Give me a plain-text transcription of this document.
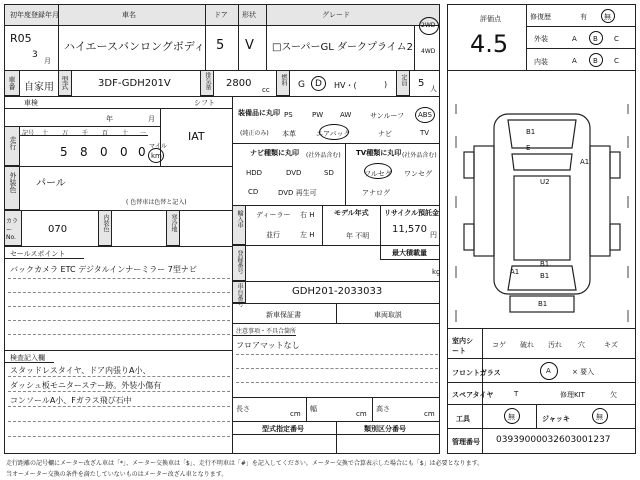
初年度登録年月	車名	ドア 形状	グレード
R05
3
月
ハイエースバンロングボディ 5 V □スーパーGL ダークプライム2
2WD
4WD
車番 自家用 型式	3DF-GDH201V	排気量 2800
cc
燃料 G D HV・(	) 定員 5 人
評価点
4.5
修復歴	有 無
外装	A B C
内装	A B C
車検
年	月
シフト
IAT
走行
記号 十 万 千 百 十 一
5 8 0 0 0 マイル
km
外装色 パール
( 色替車は色替と記入)
カラーNo.
070	内装色	寒冷地
セールスポイント
バックカメラ ETC デジタルインナーミラー 7型ナビ
検査記入欄
スタッドレスタイヤ、ドア内張りA小、
ダッシュ板モニターステー跡。外装小傷有
コンソールA小、Fガラス飛び石中
装備品に丸印
(純正のみ)
PS	PW AW	サンルーフ ABS
本革	エアバック	ナビ	TV
ナビ種類に丸印 (社外品含む)
HDD	DVD	SD
CD	DVD 再生可
TV種類に丸印 (社外品含む)
フルセグ ワンセグ
アナログ
輸入車 ディーラー
並行
右 H
左 H
モデル年式
年 不明
リサイクル預託金
11,570 円
登録番号	最大積載量
kg
車台番号	GDH201-2033033
新車保証書	車両取説
注意事項・不具合箇所
フロアマットなし
長さ
cm
幅
cm
高さ
cm
型式指定番号	類別区分番号
B1
E
A1
U2
A1
B1
B1
B1
室内シート
コゲ 破れ 汚れ 穴	キズ
フロントガラス	A	× 要入
スペアタイヤ	T	修理KIT	欠
工具	無	ジャッキ	無
管理番号 03939000032603001237
走行距離の記号欄にメーター改ざん車は「*」、メーター交換車は「$」、走行不明車は「#」を記入してください。メーター交換で合算表示した場合にも「$」は必要となります。
当オーメーター交換の条件を満たしていないものはメーター改ざん車となります。
